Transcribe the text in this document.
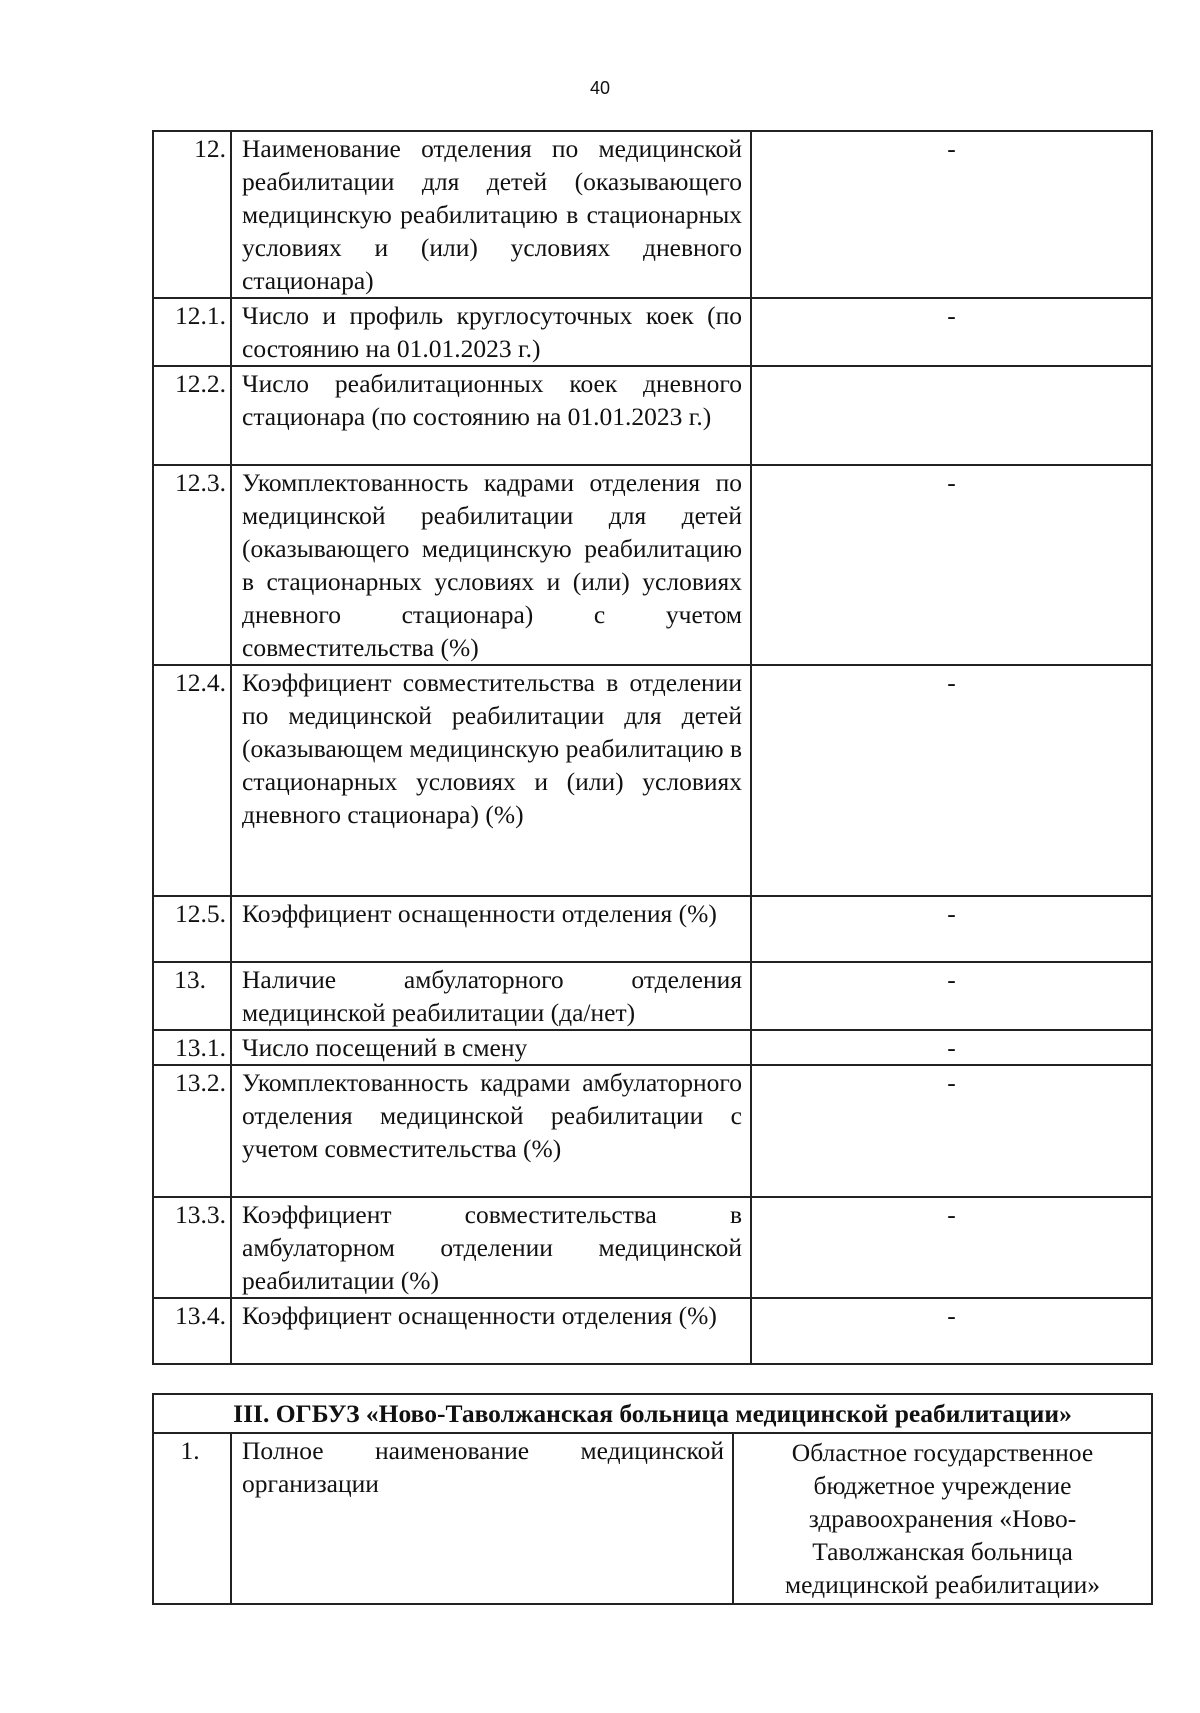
40
12.	Наименование отделения по медицинской реабилитации для детей (оказывающего медицинскую реабилитацию в стационарных условиях и (или) условиях дневного стационара)	-
12.1.	Число и профиль круглосуточных коек (по состоянию на 01.01.2023 г.)	-
12.2.	Число реабилитационных коек дневного стационара (по состоянию на 01.01.2023 г.)	
12.3.	Укомплектованность кадрами отделения по медицинской реабилитации для детей (оказывающего медицинскую реабилитацию в стационарных условиях и (или) условиях дневного стационара) с учетом совместительства (%)	-
12.4.	Коэффициент совместительства в отделении по медицинской реабилитации для детей (оказывающем медицинскую реабилитацию в стационарных условиях и (или) условиях дневного стационара) (%)	-
12.5.	Коэффициент оснащенности отделения (%)	-
13.	Наличие амбулаторного отделения медицинской реабилитации (да/нет)	-
13.1.	Число посещений в смену	-
13.2.	Укомплектованность кадрами амбулаторного отделения медицинской реабилитации с учетом совместительства (%)	-
13.3.	Коэффициент совместительства в амбулаторном отделении медицинской реабилитации (%)	-
13.4.	Коэффициент оснащенности отделения (%)	-
III. ОГБУЗ «Ново-Таволжанская больница медицинской реабилитации»
1.	Полное наименование медицинской организации	Областное государственное бюджетное учреждение здравоохранения «Ново-Таволжанская больница медицинской реабилитации»
